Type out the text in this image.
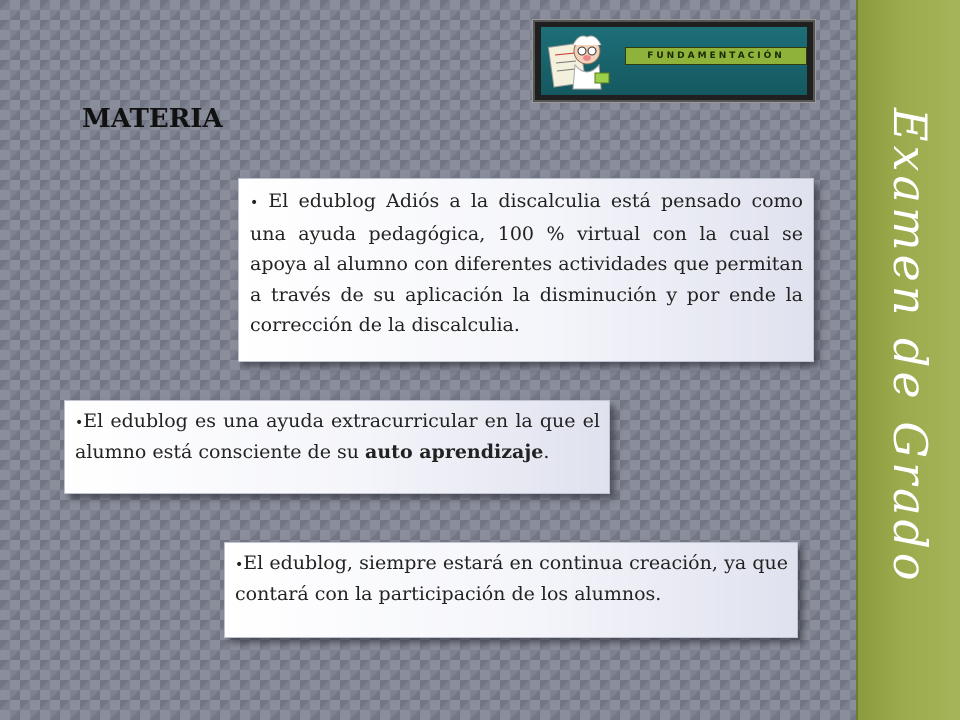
Examen de Grado
FUNDAMENTACIÓN
MATERIA

• El edublog Adiós a la discalculia está pensado como una ayuda pedagógica, 100 % virtual con la cual se apoya al alumno con diferentes actividades que permitan a través de su aplicación la disminución y por ende la corrección de la discalculia.

•El edublog es una ayuda extracurricular en la que el alumno está consciente de su auto aprendizaje.

•El edublog, siempre estará en continua creación, ya que contará con la participación de los alumnos.
